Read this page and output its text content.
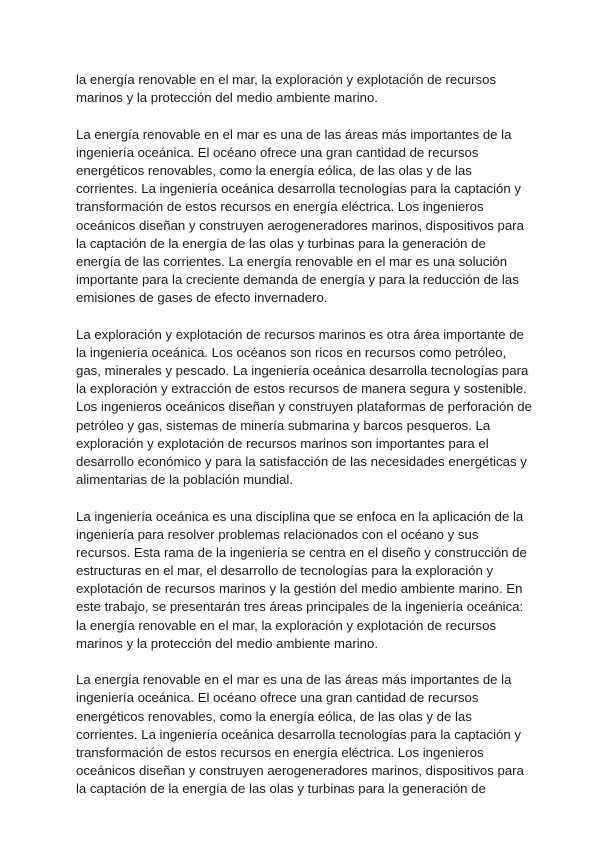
la energía renovable en el mar, la exploración y explotación de recursos
marinos y la protección del medio ambiente marino.

La energía renovable en el mar es una de las áreas más importantes de la
ingeniería oceánica. El océano ofrece una gran cantidad de recursos
energéticos renovables, como la energía eólica, de las olas y de las
corrientes. La ingeniería oceánica desarrolla tecnologías para la captación y
transformación de estos recursos en energía eléctrica. Los ingenieros
oceánicos diseñan y construyen aerogeneradores marinos, dispositivos para
la captación de la energía de las olas y turbinas para la generación de
energía de las corrientes. La energía renovable en el mar es una solución
importante para la creciente demanda de energía y para la reducción de las
emisiones de gases de efecto invernadero.

La exploración y explotación de recursos marinos es otra área importante de
la ingeniería oceánica. Los océanos son ricos en recursos como petróleo,
gas, minerales y pescado. La ingeniería oceánica desarrolla tecnologías para
la exploración y extracción de estos recursos de manera segura y sostenible.
Los ingenieros oceánicos diseñan y construyen plataformas de perforación de
petróleo y gas, sistemas de minería submarina y barcos pesqueros. La
exploración y explotación de recursos marinos son importantes para el
desarrollo económico y para la satisfacción de las necesidades energéticas y
alimentarias de la población mundial.

La ingeniería oceánica es una disciplina que se enfoca en la aplicación de la
ingeniería para resolver problemas relacionados con el océano y sus
recursos. Esta rama de la ingeniería se centra en el diseño y construcción de
estructuras en el mar, el desarrollo de tecnologías para la exploración y
explotación de recursos marinos y la gestión del medio ambiente marino. En
este trabajo, se presentarán tres áreas principales de la ingeniería oceánica:
la energía renovable en el mar, la exploración y explotación de recursos
marinos y la protección del medio ambiente marino.

La energía renovable en el mar es una de las áreas más importantes de la
ingeniería oceánica. El océano ofrece una gran cantidad de recursos
energéticos renovables, como la energía eólica, de las olas y de las
corrientes. La ingeniería oceánica desarrolla tecnologías para la captación y
transformación de estos recursos en energía eléctrica. Los ingenieros
oceánicos diseñan y construyen aerogeneradores marinos, dispositivos para
la captación de la energía de las olas y turbinas para la generación de
